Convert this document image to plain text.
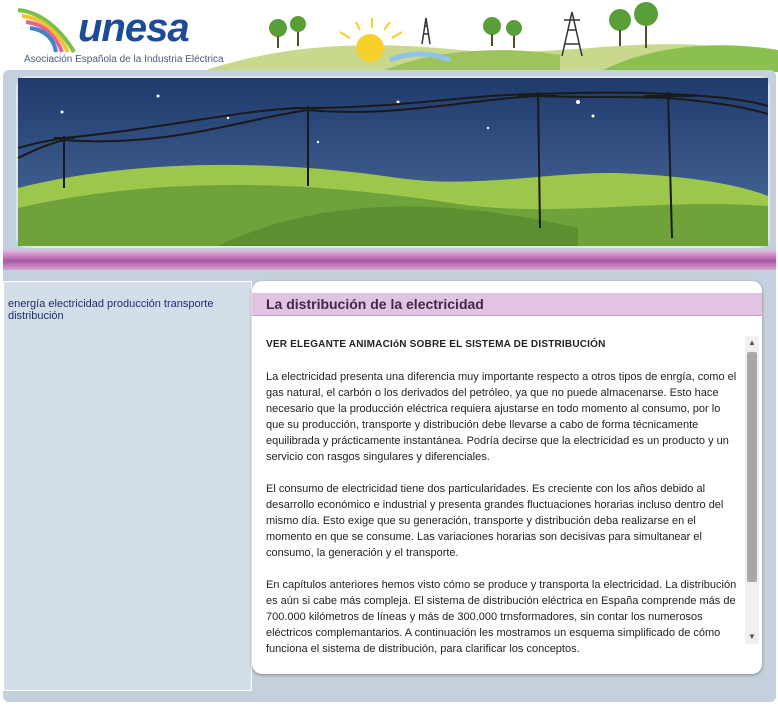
unesa
Asociación Española de la Industria Eléctrica
energía electricidad producción transporte distribución
La distribución de la electricidad
VER ELEGANTE ANIMACIóN SOBRE EL SISTEMA DE DISTRIBUCIÓN

La electricidad presenta una diferencia muy importante respecto a otros tipos de enrgía, como el gas natural, el carbón o los derivados del petróleo, ya que no puede almacenarse. Esto hace necesario que la producción eléctrica requiera ajustarse en todo momento al consumo, por lo que su producción, transporte y distribución debe llevarse a cabo de forma técnicamente equilibrada y prácticamente instantánea. Podría decirse que la electricidad es un producto y un servicio con rasgos singulares y diferenciales.

El consumo de electricidad tiene dos particularidades. Es creciente con los años debido al desarrollo económico e industrial y presenta grandes fluctuaciones horarias incluso dentro del mismo día. Esto exige que su generación, transporte y distribución deba realizarse en el momento en que se consume. Las variaciones horarias son decisivas para simultanear el consumo, la generación y el transporte.

En capítulos anteriores hemos visto cómo se produce y transporta la electricidad. La distribución es aún si cabe más compleja. El sistema de distribución eléctrica en España comprende más de 700.000 kilómetros de líneas y más de 300.000 trnsformadores, sin contar los numerosos eléctricos complemantarios. A continuación les mostramos un esquema simplificado de cómo funciona el sistema de distribución, para clarificar los conceptos.

▲
▼
